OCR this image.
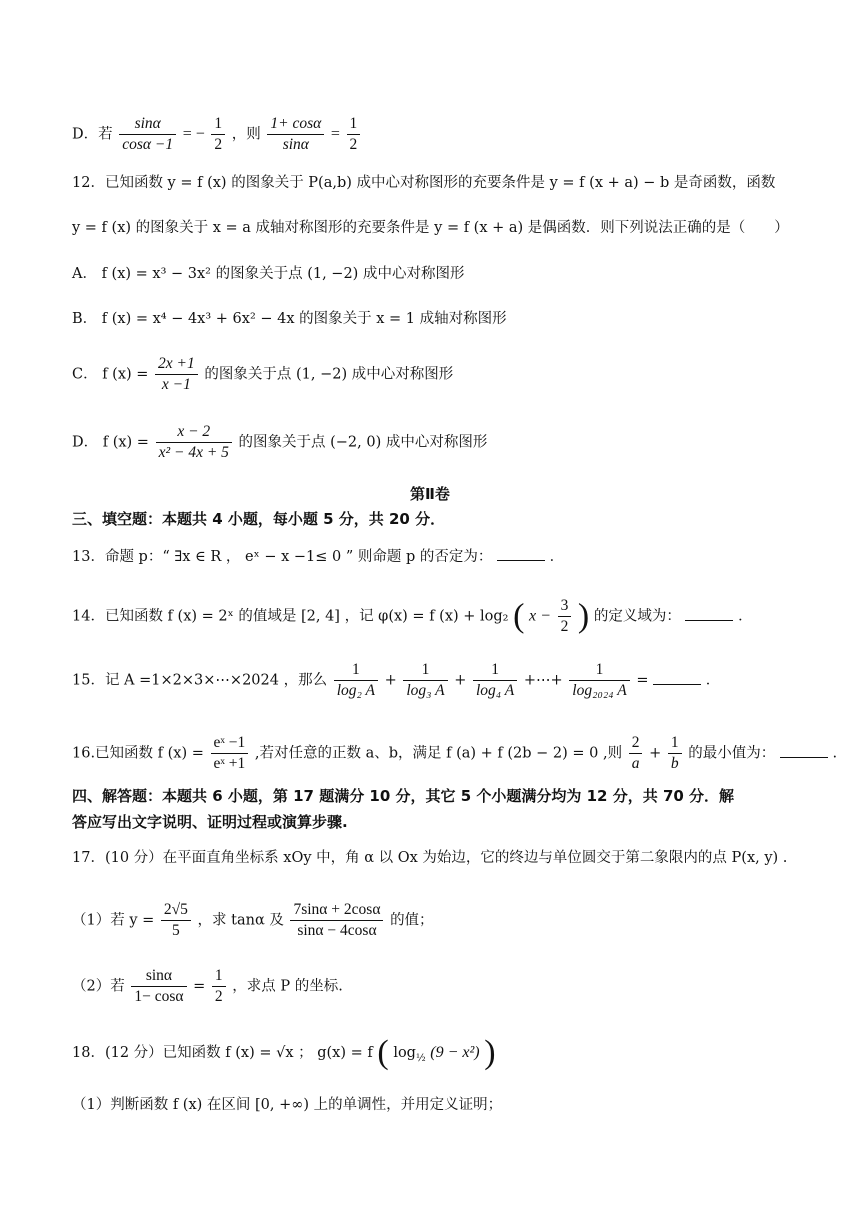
D．若 $\frac{\sin\alpha}{\cos\alpha -1}$ = − $\frac{1}{2}$ ，则 $\frac{1+ \cos\alpha}{\sin\alpha} = \frac{1}{2}$
12．已知函数 y = f (x) 的图象关于 P(a,b) 成中心对称图形的充要条件是 y = f (x + a) − b 是奇函数，函数
y = f (x) 的图象关于 x = a 成轴对称图形的充要条件是 y = f (x + a) 是偶函数．则下列说法正确的是（　　）
A． f (x) = x³ − 3x² 的图象关于点 (1, −2) 成中心对称图形
B． f (x) = x⁴ − 4x³ + 6x² − 4x 的图象关于 x = 1 成轴对称图形
C． f $(x) = \frac{2x +1}{x -1}$ 的图象关于点 (1, −2) 成中心对称图形
D． f $(x) = \frac{x - 2}{\text{x² − 4x + 5}}$ 的图象关于点 (−2, 0) 成中心对称图形
第Ⅱ卷
三、填空题：本题共 4 小题，每小题 5 分，共 20 分．
13．命题 p：“ ∃x ∈ R ， eˣ − x −1≤ 0 ” 则命题 p 的否定为：	．
14．已知函数 f (x) = 2ˣ 的值域是 [2, 4] ，记 φ(x) = f (x) + log₂ ( $x - \frac{3}{2}$ ) 的定义域为：	．
15．记 A =1×2×3×⋯×2024 ，那么 $\frac{1}{\text{log₂ A}} + \frac{1}{\text{log₃ A}} + \frac{1}{\text{log₄ A}}$ +⋯+ $\frac{1}{\text{log₂₀₂₄ A}}$ =	．
16.已知函数 f $(x) = \frac{\text{eˣ −1}}{\text{eˣ +1}}$ ,若对任意的正数 a、b，满足 f (a) + f (2b − 2) = 0 ,则 $\frac{2}{a} + \frac{1}{b}$ 的最小值为：	.
四、解答题：本题共 6 小题，第 17 题满分 10 分，其它 5 个小题满分均为 12 分，共 70 分．解
答应写出文字说明、证明过程或演算步骤.
17．(10 分）在平面直角坐标系 xOy 中，角 α 以 Ox 为始边，它的终边与单位圆交于第二象限内的点 P(x, y) .
（1）若 $y = \frac{2√5}{5}$ ，求 tanα 及 $\frac{7\sin\alpha + 2\cos\alpha}{\sin\alpha - 4\cos\alpha}$ 的值；
（2）若 $\frac{\sin\alpha}{1- \cos\alpha} = \frac{1}{2}$ ，求点 P 的坐标.
18．(12 分）已知函数 f (x) = √x ； g(x) = f ( $\log_{\frac{1}{2}} (9 - x^2)$ )
（1）判断函数 f (x) 在区间 [0, +∞) 上的单调性，并用定义证明；
